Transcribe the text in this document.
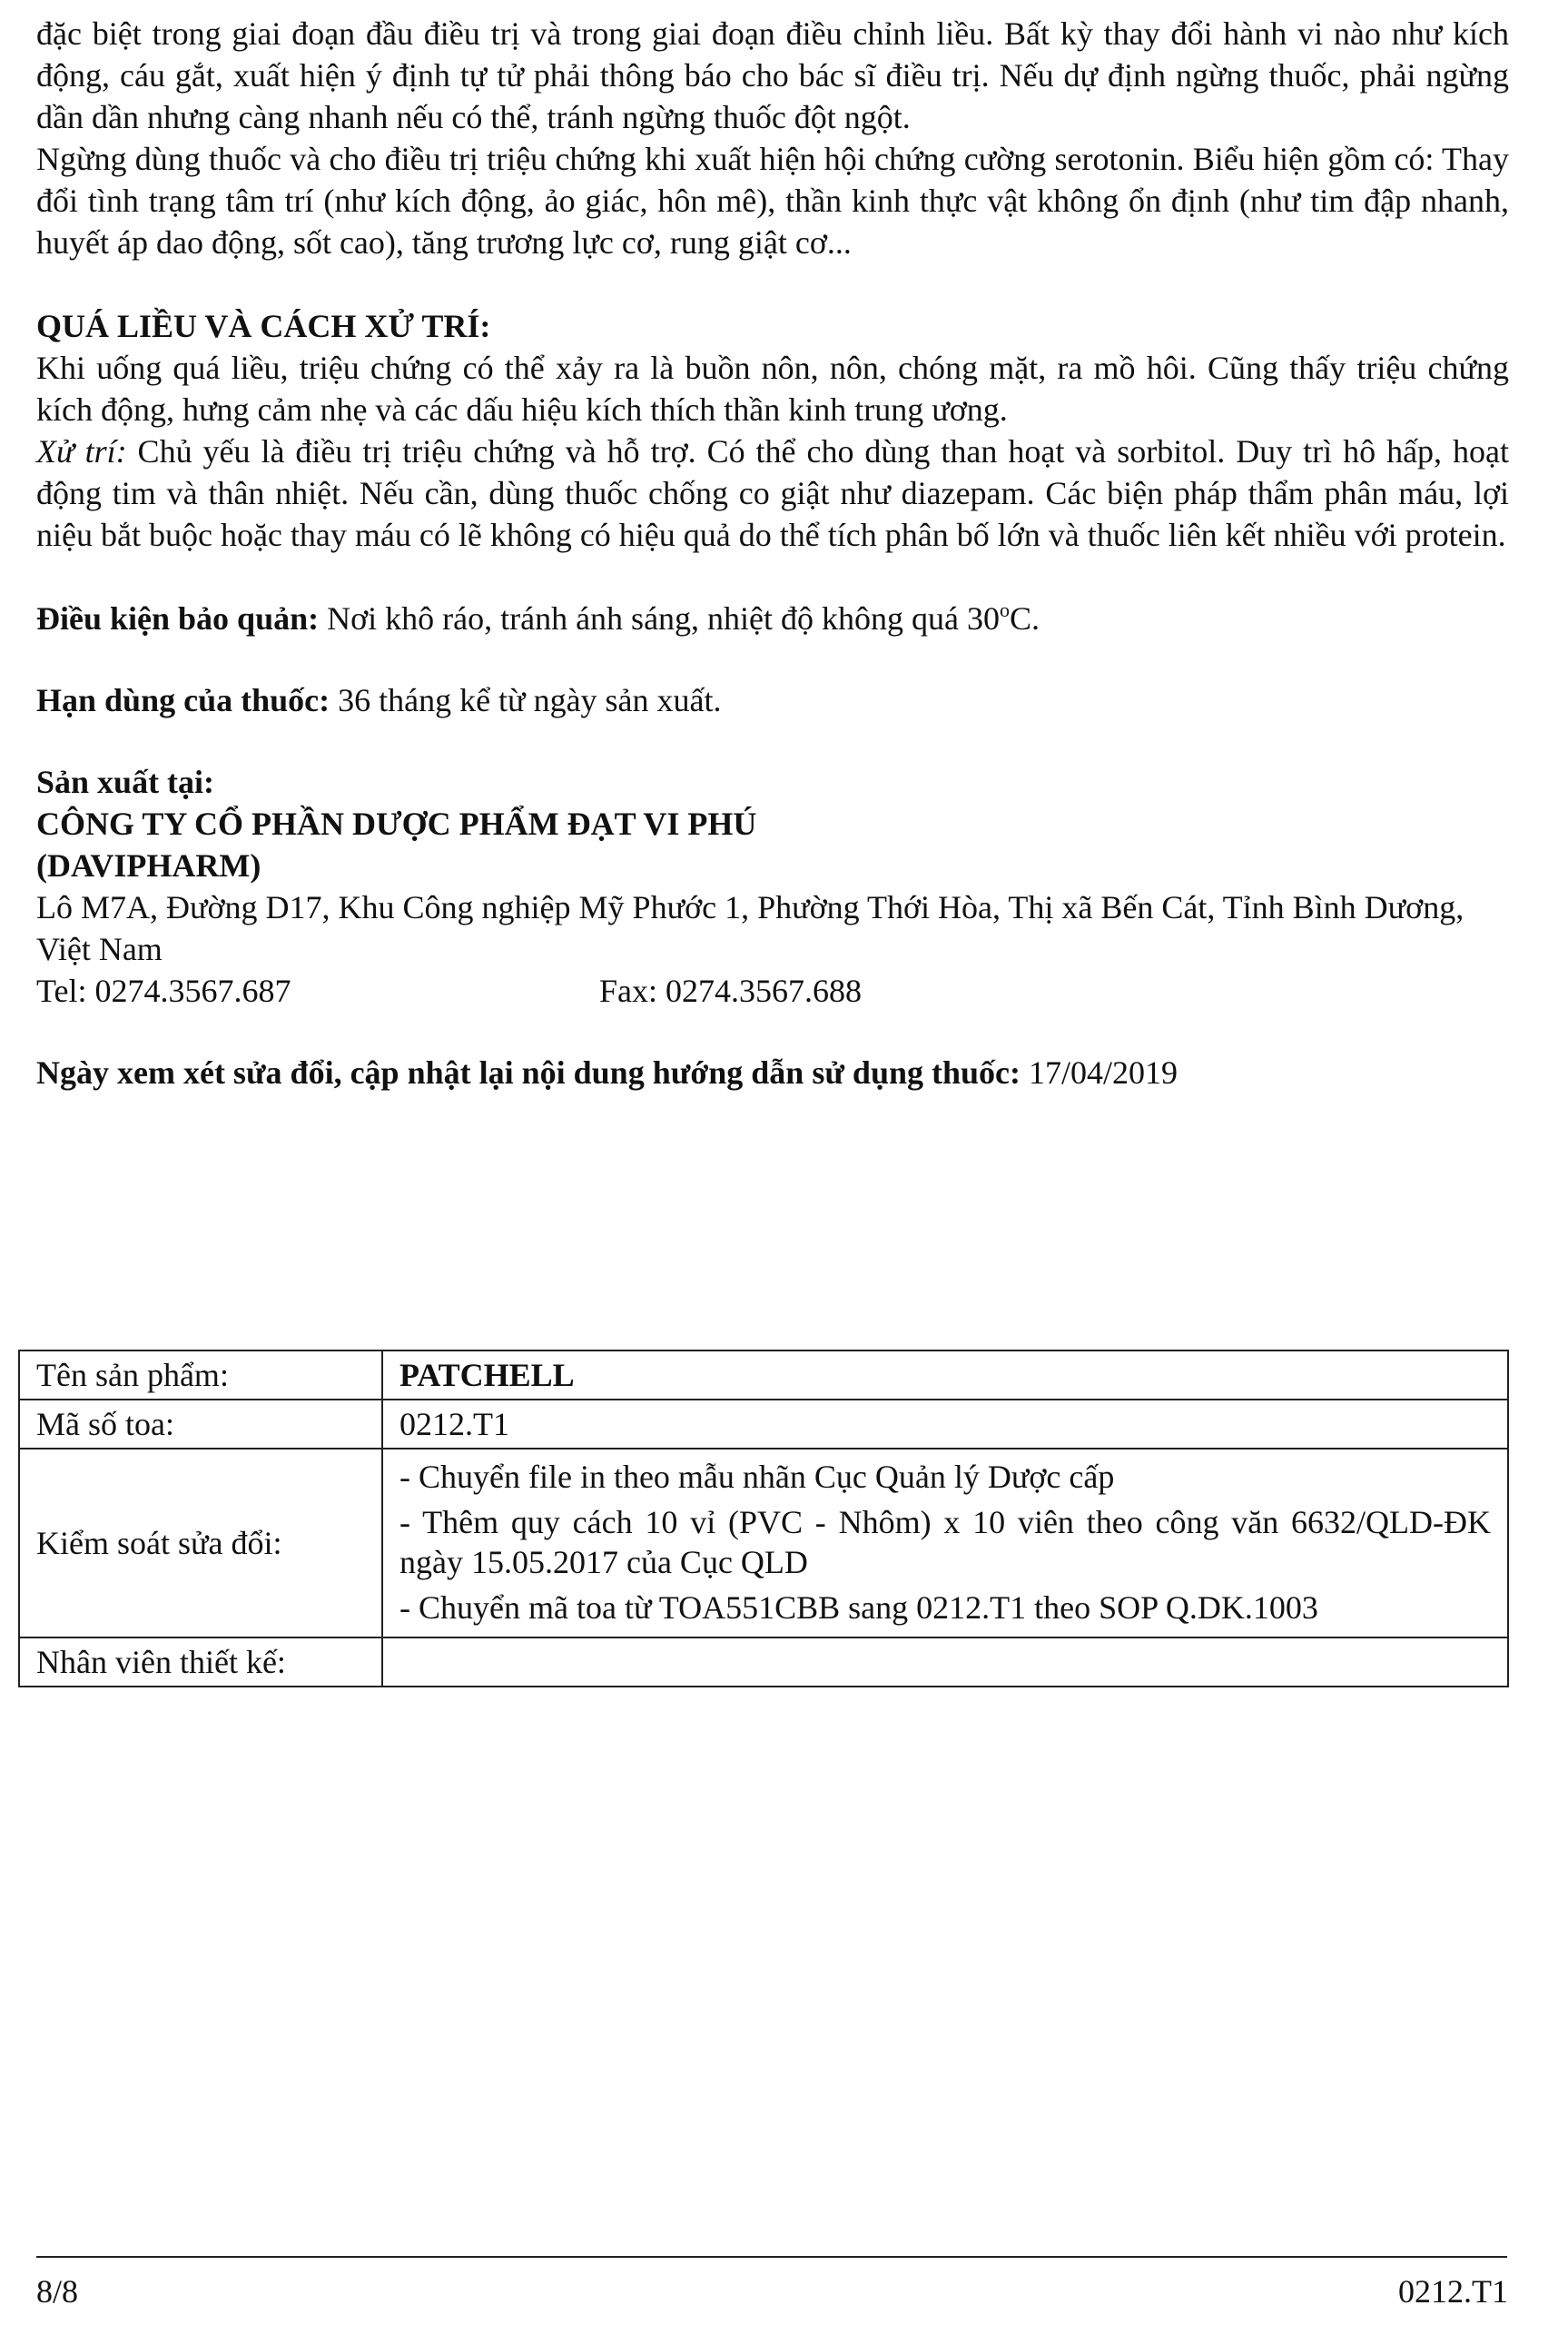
đặc biệt trong giai đoạn đầu điều trị và trong giai đoạn điều chỉnh liều. Bất kỳ thay đổi hành vi nào như kích động, cáu gắt, xuất hiện ý định tự tử phải thông báo cho bác sĩ điều trị. Nếu dự định ngừng thuốc, phải ngừng dần dần nhưng càng nhanh nếu có thể, tránh ngừng thuốc đột ngột.

Ngừng dùng thuốc và cho điều trị triệu chứng khi xuất hiện hội chứng cường serotonin. Biểu hiện gồm có: Thay đổi tình trạng tâm trí (như kích động, ảo giác, hôn mê), thần kinh thực vật không ổn định (như tim đập nhanh, huyết áp dao động, sốt cao), tăng trương lực cơ, rung giật cơ...

QUÁ LIỀU VÀ CÁCH XỬ TRÍ:

Khi uống quá liều, triệu chứng có thể xảy ra là buồn nôn, nôn, chóng mặt, ra mồ hôi. Cũng thấy triệu chứng kích động, hưng cảm nhẹ và các dấu hiệu kích thích thần kinh trung ương.

Xử trí: Chủ yếu là điều trị triệu chứng và hỗ trợ. Có thể cho dùng than hoạt và sorbitol. Duy trì hô hấp, hoạt động tim và thân nhiệt. Nếu cần, dùng thuốc chống co giật như diazepam. Các biện pháp thẩm phân máu, lợi niệu bắt buộc hoặc thay máu có lẽ không có hiệu quả do thể tích phân bố lớn và thuốc liên kết nhiều với protein.

Điều kiện bảo quản: Nơi khô ráo, tránh ánh sáng, nhiệt độ không quá 30$^o$C.

Hạn dùng của thuốc: 36 tháng kể từ ngày sản xuất.

Sản xuất tại:

CÔNG TY CỔ PHẦN DƯỢC PHẨM ĐẠT VI PHÚ

(DAVIPHARM)

Lô M7A, Đường D17, Khu Công nghiệp Mỹ Phước 1, Phường Thới Hòa, Thị xã Bến Cát, Tỉnh Bình Dương, Việt Nam

Tel: 0274.3567.687	Fax: 0274.3567.688

Ngày xem xét sửa đổi, cập nhật lại nội dung hướng dẫn sử dụng thuốc: 17/04/2019

Tên sản phẩm:	PATCHELL
Mã số toa:	0212.T1
Kiểm soát sửa đổi:	- Chuyển file in theo mẫu nhãn Cục Quản lý Dược cấp
- Thêm quy cách 10 vỉ (PVC - Nhôm) x 10 viên theo công văn 6632/QLD-ĐK ngày 15.05.2017 của Cục QLD
- Chuyển mã toa từ TOA551CBB sang 0212.T1 theo SOP Q.DK.1003

Nhân viên thiết kế:	
8/8	0212.T1
